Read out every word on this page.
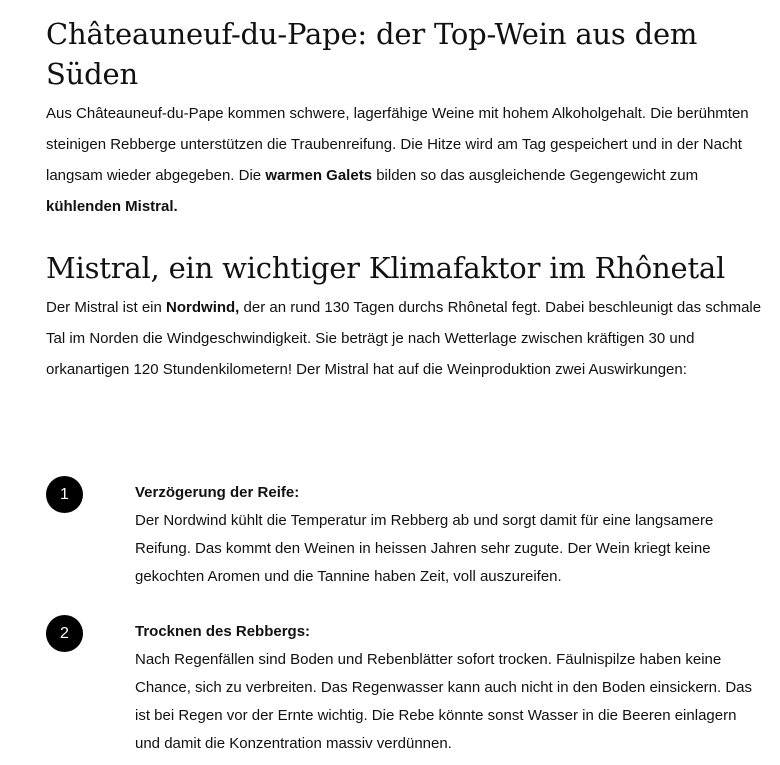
Châteauneuf-du-Pape: der Top-Wein aus dem Süden

Aus Châteauneuf-du-Pape kommen schwere, lagerfähige Weine mit hohem Alkoholgehalt. Die berühmten steinigen Rebberge unterstützen die Traubenreifung. Die Hitze wird am Tag gespeichert und in der Nacht langsam wieder abgegeben. Die warmen Galets bilden so das ausgleichende Gegengewicht zum kühlenden Mistral.

Mistral, ein wichtiger Klimafaktor im Rhônetal

Der Mistral ist ein Nordwind, der an rund 130 Tagen durchs Rhônetal fegt. Dabei beschleunigt das schmale Tal im Norden die Windgeschwindigkeit. Sie beträgt je nach Wetterlage zwischen kräftigen 30 und orkanartigen 120 Stundenkilometern! Der Mistral hat auf die Weinproduktion zwei Auswirkungen:

1	Verzögerung der Reife:
Der Nordwind kühlt die Temperatur im Rebberg ab und sorgt damit für eine langsamere Reifung. Das kommt den Weinen in heissen Jahren sehr zugute. Der Wein kriegt keine gekochten Aromen und die Tannine haben Zeit, voll auszureifen.
2	Trocknen des Rebbergs:
Nach Regenfällen sind Boden und Rebenblätter sofort trocken. Fäulnispilze haben keine Chance, sich zu verbreiten. Das Regenwasser kann auch nicht in den Boden einsickern. Das ist bei Regen vor der Ernte wichtig. Die Rebe könnte sonst Wasser in die Beeren einlagern und damit die Konzentration massiv verdünnen.
